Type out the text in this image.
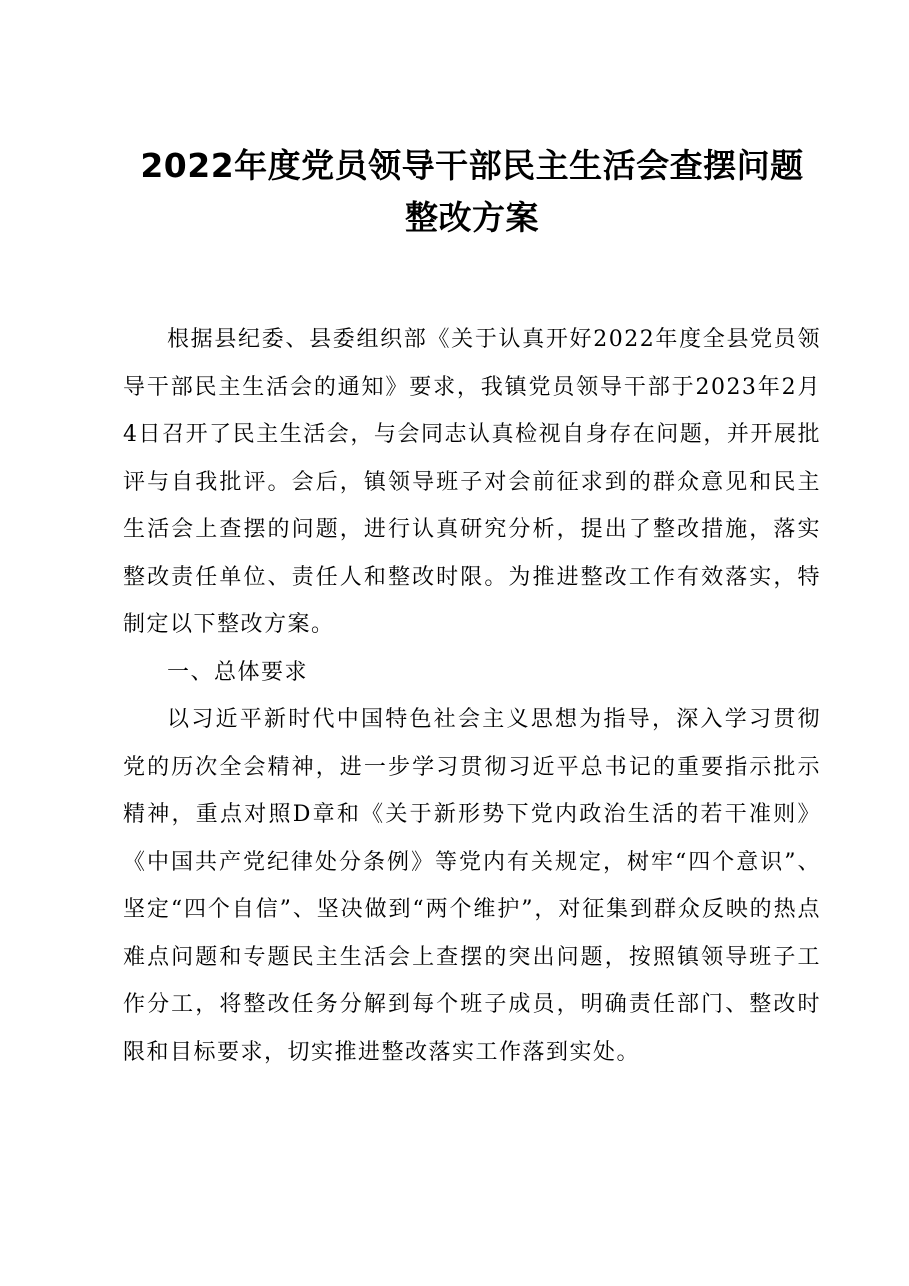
2022年度党员领导干部民主生活会查摆问题
整改方案

根据县纪委、县委组织部《关于认真开好2022年度全县党员领导干部民主生活会的通知》要求，我镇党员领导干部于2023年2月4日召开了民主生活会，与会同志认真检视自身存在问题，并开展批评与自我批评。会后，镇领导班子对会前征求到的群众意见和民主生活会上查摆的问题，进行认真研究分析，提出了整改措施，落实整改责任单位、责任人和整改时限。为推进整改工作有效落实，特制定以下整改方案。

一、总体要求

以习近平新时代中国特色社会主义思想为指导，深入学习贯彻党的历次全会精神，进一步学习贯彻习近平总书记的重要指示批示精神，重点对照D章和《关于新形势下党内政治生活的若干准则》《中国共产党纪律处分条例》等党内有关规定，树牢“四个意识”、坚定“四个自信”、坚决做到“两个维护”，对征集到群众反映的热点难点问题和专题民主生活会上查摆的突出问题，按照镇领导班子工作分工，将整改任务分解到每个班子成员，明确责任部门、整改时限和目标要求，切实推进整改落实工作落到实处。
